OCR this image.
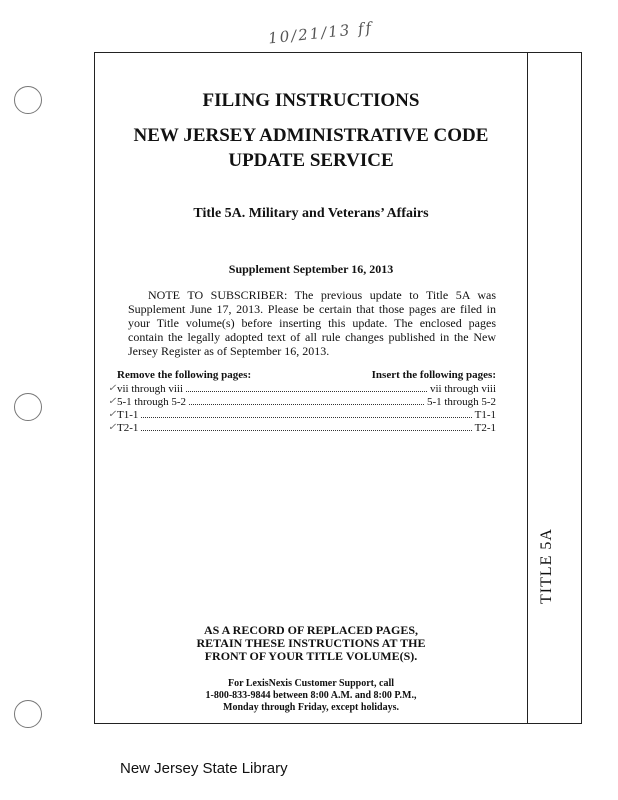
10/21/13 ff
TITLE 5A
FILING INSTRUCTIONS
NEW JERSEY ADMINISTRATIVE CODE
UPDATE SERVICE
Title 5A. Military and Veterans’ Affairs
Supplement September 16, 2013

NOTE TO SUBSCRIBER: The previous update to Title 5A was Supplement June 17, 2013. Please be certain that those pages are filed in your Title volume(s) before inserting this update. The enclosed pages contain the legally adopted text of all rule changes published in the New Jersey Register as of September 16, 2013.

Remove the following pages:	Insert the following pages:
vii through viii	vii through viii
5-1 through 5-2	5-1 through 5-2
T1-1	T1-1
T2-1	T2-1
✓
✓
✓
✓
AS A RECORD OF REPLACED PAGES,
RETAIN THESE INSTRUCTIONS AT THE
FRONT OF YOUR TITLE VOLUME(S).
For LexisNexis Customer Support, call
1-800-833-9844 between 8:00 A.M. and 8:00 P.M.,
Monday through Friday, except holidays.
New Jersey State Library
